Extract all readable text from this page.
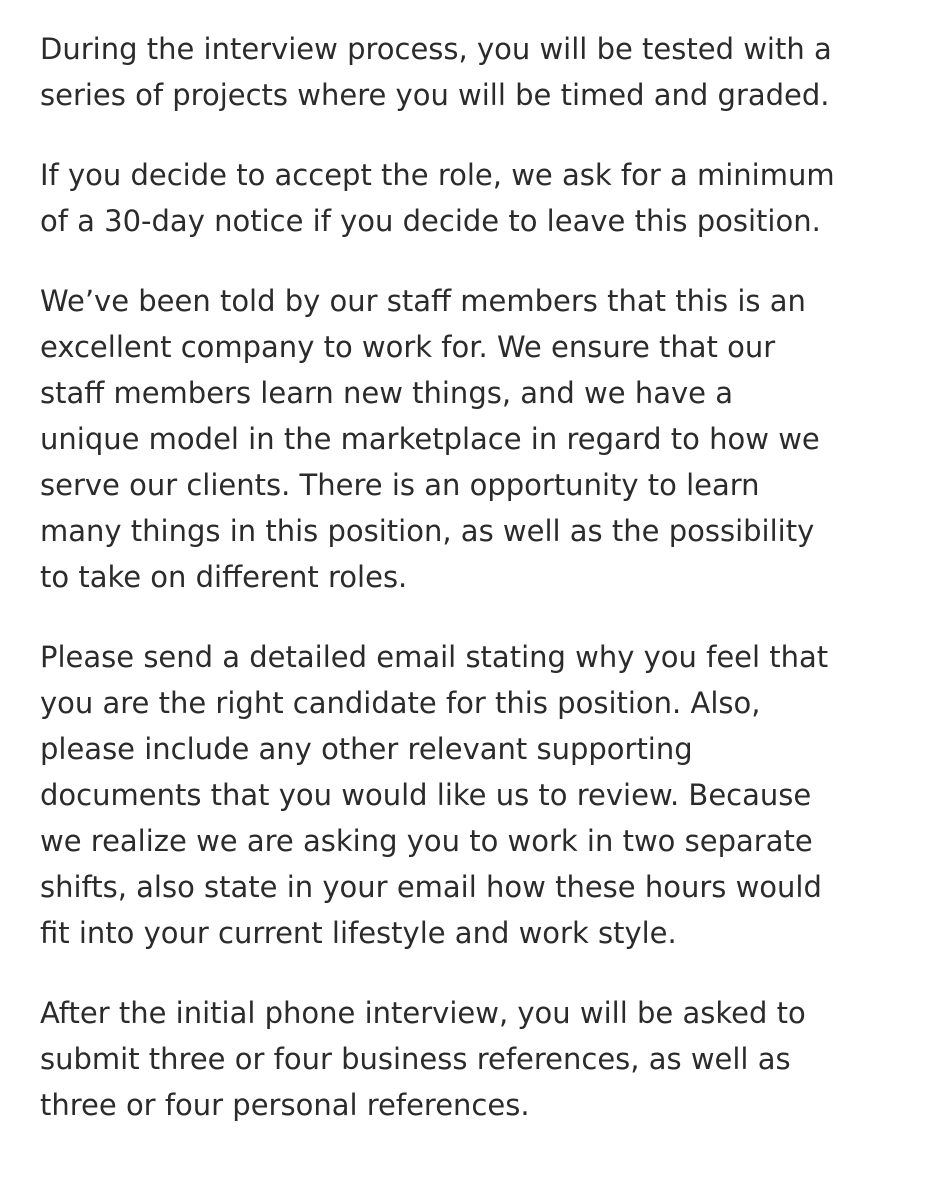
During the interview process, you will be tested with a
series of projects where you will be timed and graded.

If you decide to accept the role, we ask for a minimum
of a 30-day notice if you decide to leave this position.

We’ve been told by our staff members that this is an
excellent company to work for. We ensure that our
staff members learn new things, and we have a
unique model in the marketplace in regard to how we
serve our clients. There is an opportunity to learn
many things in this position, as well as the possibility
to take on different roles.

Please send a detailed email stating why you feel that
you are the right candidate for this position. Also,
please include any other relevant supporting
documents that you would like us to review. Because
we realize we are asking you to work in two separate
shifts, also state in your email how these hours would
fit into your current lifestyle and work style.

After the initial phone interview, you will be asked to
submit three or four business references, as well as
three or four personal references.
